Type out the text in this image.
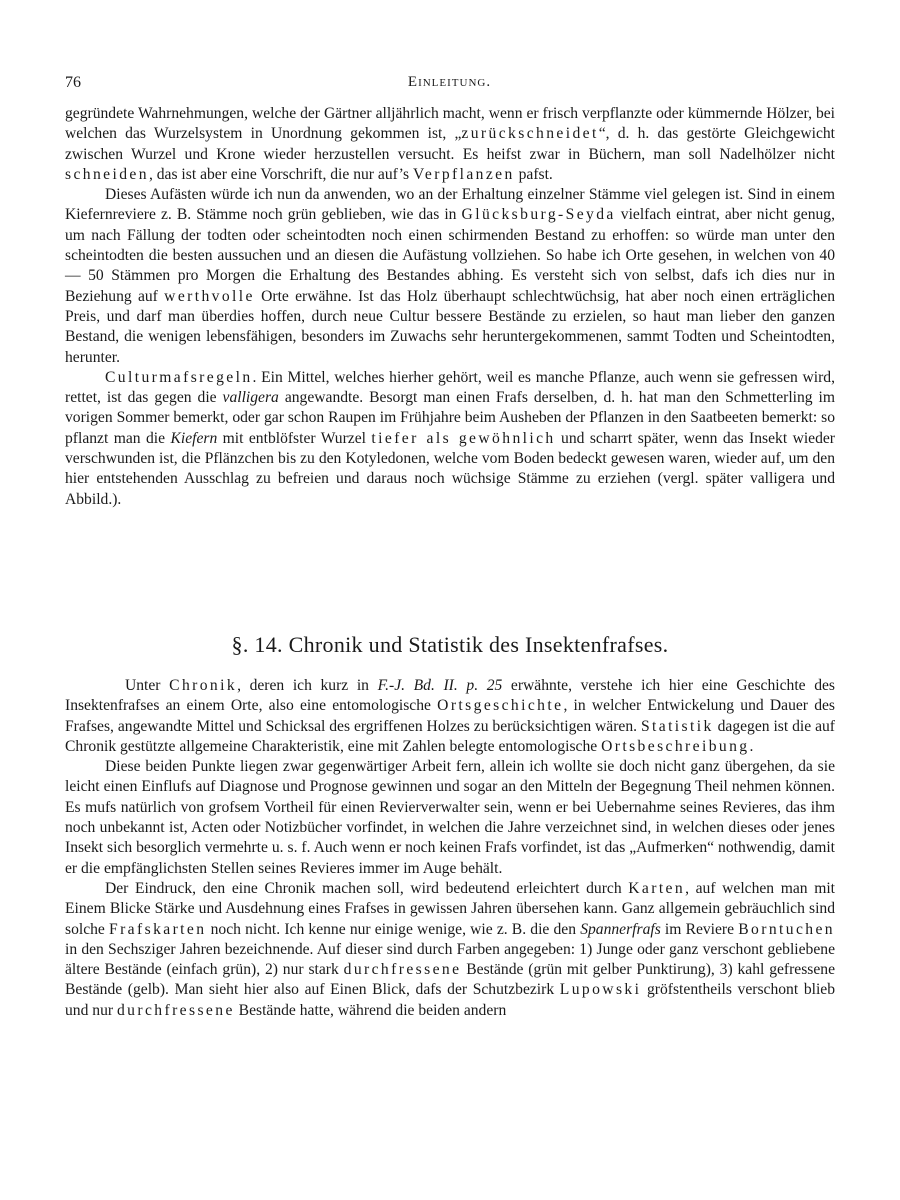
76	Einleitung.

gegründete Wahrnehmungen, welche der Gärtner alljährlich macht, wenn er frisch verpflanzte oder kümmernde Hölzer, bei welchen das Wurzelsystem in Unordnung gekommen ist, „zurückschneidet“, d. h. das gestörte Gleichgewicht zwischen Wurzel und Krone wieder herzustellen versucht. Es heifst zwar in Büchern, man soll Nadelhölzer nicht schneiden, das ist aber eine Vorschrift, die nur auf’s Verpflanzen pafst.

Dieses Aufästen würde ich nun da anwenden, wo an der Erhaltung einzelner Stämme viel gelegen ist. Sind in einem Kiefernreviere z. B. Stämme noch grün geblieben, wie das in Glücksburg-Seyda vielfach eintrat, aber nicht genug, um nach Fällung der todten oder scheintodten noch einen schirmenden Bestand zu erhoffen: so würde man unter den scheintodten die besten aussuchen und an diesen die Aufästung vollziehen. So habe ich Orte gesehen, in welchen von 40 — 50 Stämmen pro Morgen die Erhaltung des Bestandes abhing. Es versteht sich von selbst, dafs ich dies nur in Beziehung auf werthvolle Orte erwähne. Ist das Holz überhaupt schlechtwüchsig, hat aber noch einen erträglichen Preis, und darf man überdies hoffen, durch neue Cultur bessere Bestände zu erzielen, so haut man lieber den ganzen Bestand, die wenigen lebensfähigen, besonders im Zuwachs sehr heruntergekommenen, sammt Todten und Scheintodten, herunter.

Culturmafsregeln. Ein Mittel, welches hierher gehört, weil es manche Pflanze, auch wenn sie gefressen wird, rettet, ist das gegen die valligera angewandte. Besorgt man einen Frafs derselben, d. h. hat man den Schmetterling im vorigen Sommer bemerkt, oder gar schon Raupen im Frühjahre beim Ausheben der Pflanzen in den Saatbeeten bemerkt: so pflanzt man die Kiefern mit entblöfster Wurzel tiefer als gewöhnlich und scharrt später, wenn das Insekt wieder verschwunden ist, die Pflänzchen bis zu den Kotyledonen, welche vom Boden bedeckt gewesen waren, wieder auf, um den hier entstehenden Ausschlag zu befreien und daraus noch wüchsige Stämme zu erziehen (vergl. später valligera und Abbild.).

§. 14. Chronik und Statistik des Insektenfrafses.

Unter Chronik, deren ich kurz in F.-J. Bd. II. p. 25 erwähnte, verstehe ich hier eine Geschichte des Insektenfrafses an einem Orte, also eine entomologische Ortsgeschichte, in welcher Entwickelung und Dauer des Frafses, angewandte Mittel und Schicksal des ergriffenen Holzes zu berücksichtigen wären. Statistik dagegen ist die auf Chronik gestützte allgemeine Charakteristik, eine mit Zahlen belegte entomologische Ortsbeschreibung.

Diese beiden Punkte liegen zwar gegenwärtiger Arbeit fern, allein ich wollte sie doch nicht ganz übergehen, da sie leicht einen Einflufs auf Diagnose und Prognose gewinnen und sogar an den Mitteln der Begegnung Theil nehmen können. Es mufs natürlich von grofsem Vortheil für einen Revierverwalter sein, wenn er bei Uebernahme seines Revieres, das ihm noch unbekannt ist, Acten oder Notizbücher vorfindet, in welchen die Jahre verzeichnet sind, in welchen dieses oder jenes Insekt sich besorglich vermehrte u. s. f. Auch wenn er noch keinen Frafs vorfindet, ist das „Aufmerken“ nothwendig, damit er die empfänglichsten Stellen seines Revieres immer im Auge behält.

Der Eindruck, den eine Chronik machen soll, wird bedeutend erleichtert durch Karten, auf welchen man mit Einem Blicke Stärke und Ausdehnung eines Frafses in gewissen Jahren übersehen kann. Ganz allgemein gebräuchlich sind solche Frafskarten noch nicht. Ich kenne nur einige wenige, wie z. B. die den Spannerfrafs im Reviere Borntuchen in den Sechsziger Jahren bezeichnende. Auf dieser sind durch Farben angegeben: 1) Junge oder ganz verschont gebliebene ältere Bestände (einfach grün), 2) nur stark durchfressene Bestände (grün mit gelber Punktirung), 3) kahl gefressene Bestände (gelb). Man sieht hier also auf Einen Blick, dafs der Schutzbezirk Lupowski gröfstentheils verschont blieb und nur durchfressene Bestände hatte, während die beiden andern
